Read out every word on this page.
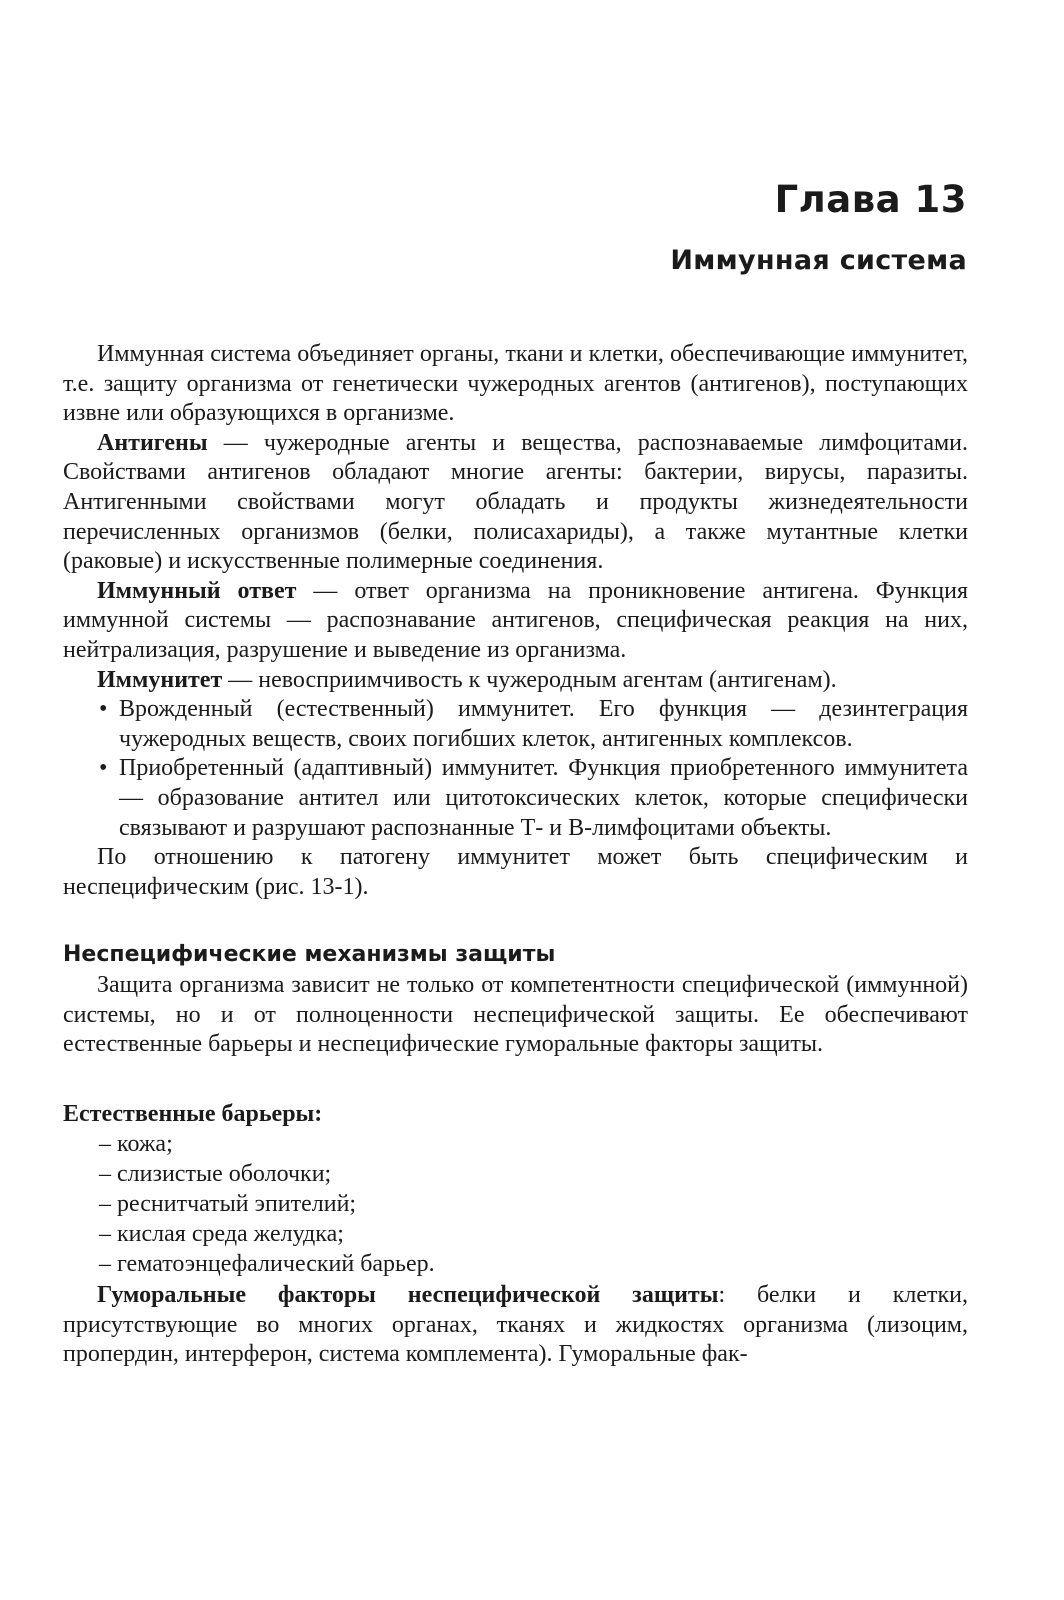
Глава 13
Иммунная система

Иммунная система объединяет органы, ткани и клетки, обеспечивающие иммунитет, т.е. защиту организма от генетически чужеродных агентов (антигенов), поступающих извне или образующихся в организме.

Антигены — чужеродные агенты и вещества, распознаваемые лимфоцитами. Свойствами антигенов обладают многие агенты: бактерии, вирусы, паразиты. Антигенными свойствами могут обладать и продукты жизнедеятельности перечисленных организмов (белки, полисахариды), а также мутантные клетки (раковые) и искусственные полимерные соединения.

Иммунный ответ — ответ организма на проникновение антигена. Функция иммунной системы — распознавание антигенов, специфическая реакция на них, нейтрализация, разрушение и выведение из организма.

Иммунитет — невосприимчивость к чужеродным агентам (антигенам).

• Врожденный (естественный) иммунитет. Его функция — дезинтеграция чужеродных веществ, своих погибших клеток, антигенных комплексов.
• Приобретенный (адаптивный) иммунитет. Функция приобретенного иммунитета — образование антител или цитотоксических клеток, которые специфически связывают и разрушают распознанные Т- и В-лимфоцитами объекты.

По отношению к патогену иммунитет может быть специфическим и неспецифическим (рис. 13-1).

Неспецифические механизмы защиты

Защита организма зависит не только от компетентности специфической (иммунной) системы, но и от полноценности неспецифической защиты. Ее обеспечивают естественные барьеры и неспецифические гуморальные факторы защиты.

Естественные барьеры:
– кожа;
– слизистые оболочки;
– реснитчатый эпителий;
– кислая среда желудка;
– гематоэнцефалический барьер.

Гуморальные факторы неспецифической защиты: белки и клетки, присутствующие во многих органах, тканях и жидкостях организма (лизоцим, пропердин, интерферон, система комплемента). Гуморальные фак-
